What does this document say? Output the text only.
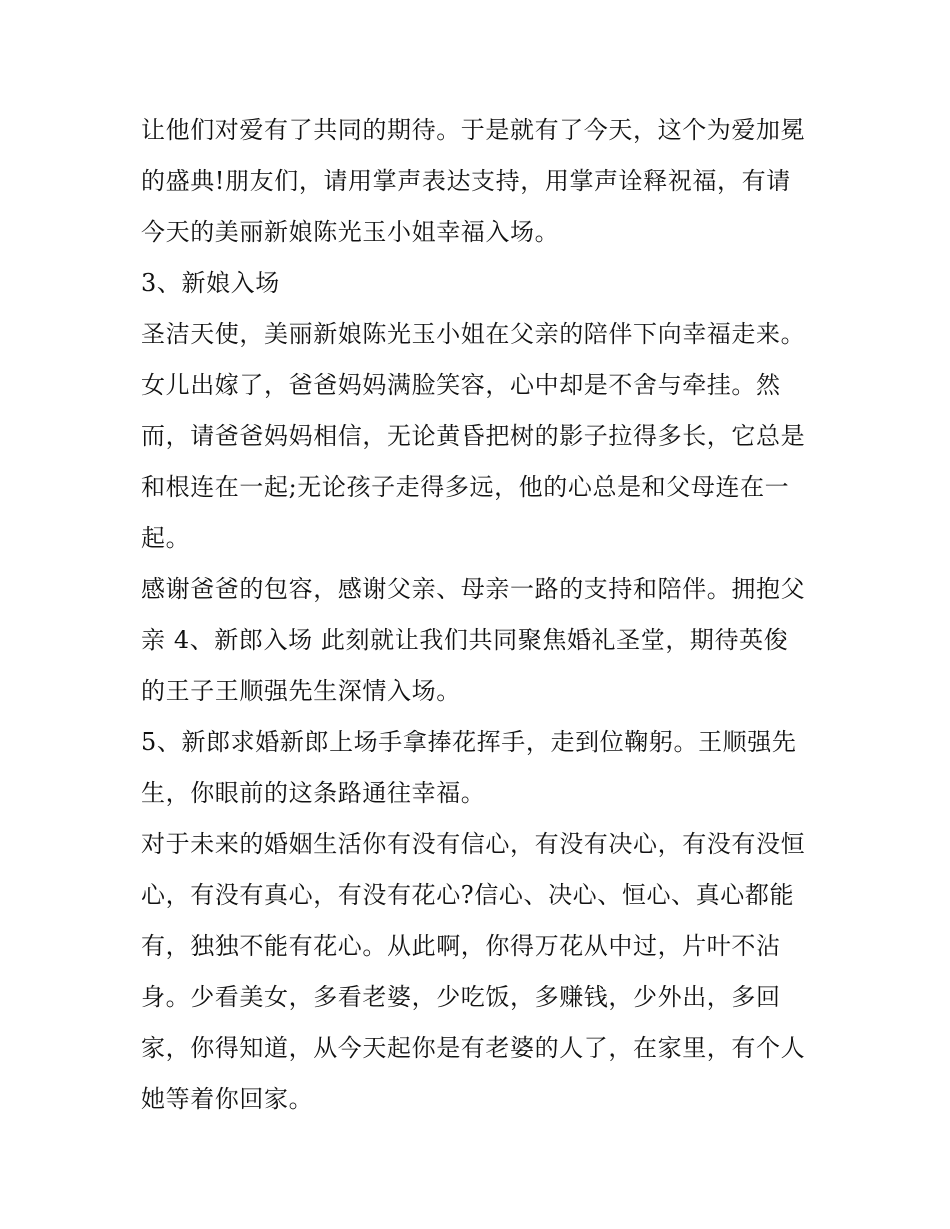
让他们对爱有了共同的期待。于是就有了今天，这个为爱加冕
的盛典!朋友们，请用掌声表达支持，用掌声诠释祝福，有请
今天的美丽新娘陈光玉小姐幸福入场。

3、新娘入场

圣洁天使，美丽新娘陈光玉小姐在父亲的陪伴下向幸福走来。
女儿出嫁了，爸爸妈妈满脸笑容，心中却是不舍与牵挂。然
而，请爸爸妈妈相信，无论黄昏把树的影子拉得多长，它总是
和根连在一起;无论孩子走得多远，他的心总是和父母连在一
起。

感谢爸爸的包容，感谢父亲、母亲一路的支持和陪伴。拥抱父
亲 4、新郎入场 此刻就让我们共同聚焦婚礼圣堂，期待英俊
的王子王顺强先生深情入场。

5、新郎求婚新郎上场手拿捧花挥手，走到位鞠躬。王顺强先
生，你眼前的这条路通往幸福。

对于未来的婚姻生活你有没有信心，有没有决心，有没有没恒
心，有没有真心，有没有花心?信心、决心、恒心、真心都能
有，独独不能有花心。从此啊，你得万花从中过，片叶不沾
身。少看美女，多看老婆，少吃饭，多赚钱，少外出，多回
家，你得知道，从今天起你是有老婆的人了，在家里，有个人
她等着你回家。
